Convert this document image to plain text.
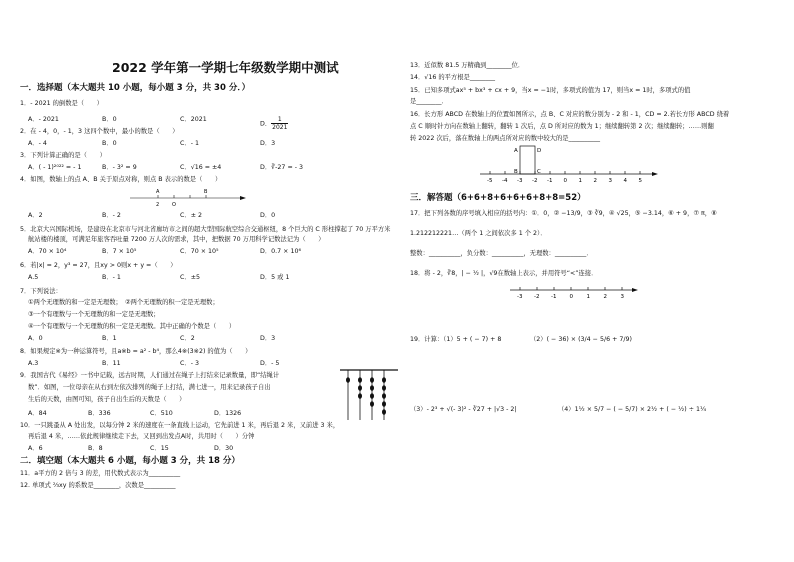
2022 学年第一学期七年级数学期中测试
一．选择题（本大题共 10 小题，每小题 3 分，共 30 分．）
1．- 2021 的倒数是（　　）
A．- 2021	B．0	C．2021
D． $\frac{1}{2021}$
2．在 - 4，0，- 1，3 这四个数中，最小的数是（　　）
A．- 4	B．0	C．- 1	D．3
3．下列计算正确的是（　　）
A．( - 1)²⁰²² = - 1	B．- 3² = 9	C．√16 = ±4	D．∛-27 = - 3
4．如图，数轴上的点 A、B 关于原点对称，则点 B 表示的数是（　　）
A
2	O
B
A．2	B．- 2	C．± 2	D．0
5．北京大兴国际机场，是建设在北京市与河北省廊坊市之间的超大型国际航空综合交通枢纽，8 个巨大的 C 形柱撑起了 70 万平方米
航站楼的楼顶，可满足年旅客吞吐量 7200 万人次的需求，其中，把数据 70 万用科学记数法记为（　　）
A．70 × 10⁴	B．7 × 10⁵	C．70 × 10⁵	D．0.7 × 10⁶
6．若|x| = 2，y³ = 27，且xy > 0则x + y =（　　）
A.5	B．- 1	C．±5	D．5 或 1
7．下列说法：
①两个无理数的和一定是无理数；　②两个无理数的积一定是无理数；
③一个有理数与一个无理数的和一定是无理数；
④一个有理数与一个无理数的积一定是无理数。其中正确的个数是（　　）
A．0	B．1	C．2	D．3
8．如果规定※为一种运算符号，且a※b = a² - b⁴，那么4※(3※2) 的值为（　　）
A.3	B．11	C．- 3	D．- 5
9．我国古代《易经》一书中记载，远古时期，人们通过在绳子上打结来记录数量，即“结绳计
数”．如图，一位母亲在从右到左依次排列的绳子上打结，满七进一，用来记录孩子自出
生后的天数，由图可知，孩子自出生后的天数是（　　）
A．84	B．336	C．510	D．1326
10．一只跳蚤从 A 处出发，以每分钟 2 米的速度在一条直线上运动，它先前进 1 米，再后退 2 米，又前进 3 米，
再后退 4 米，……依此规律继续走下去，又回到出发点A时，共用时（　　）分钟
A．6	B．8	C．15	D．30
二．填空题（本大题共 6 小题，每小题 3 分，共 18 分）
11．a平方的 2 倍与 3 的差，用代数式表示为__________
12. 单项式 ⅔xy 的系数是________，次数是__________
13．近似数 81.5 万精确到________位．
14．√16 的平方根是________
15．已知多项式ax⁵ + bx³ + cx + 9，当x = −1时，多项式的值为 17，则当x = 1时，多项式的值
是________．
16．长方形 ABCD 在数轴上的位置如图所示，点 B、C 对应的数分别为 - 2 和 - 1，CD = 2.若长方形 ABCD 绕着
点 C 顺时针方向在数轴上翻转，翻转 1 次后，点 D 所对应的数为 1；继续翻转第 2 次；继续翻转；……则翻
转 2022 次后，落在数轴上的两点所对应的数中较大的是__________
A	D
B	C
-5 -4 -3 -2 -1 0 1 2 3 4 5
三．解答题（6+6+8+6+6+6+8+8=52）
17．把下列各数的序号填入相应的括号内：①．0，② −13/9，③ ∛9，④ √25，⑤ −3.14，⑥ + 9，⑦ π，⑧
1.212212221…（两个 1 之间依次多 1 个 2）．
整数：__________，负分数：__________，无理数：__________．
18．将 - 2，∛8，| − ½ |，√9在数轴上表示，并用符号“<”连接．
-3 -2 -1 0 1 2 3
19．计算：（1）5 + ( − 7) + 8	（2）( − 36) × (3/4 − 5/6 + 7/9)
（3）- 2³ + √(- 3)² - ∛27 + |√3 - 2|	（4）1½ × 5/7 − ( − 5/7) × 2½ + ( − ½) ÷ 1¼
